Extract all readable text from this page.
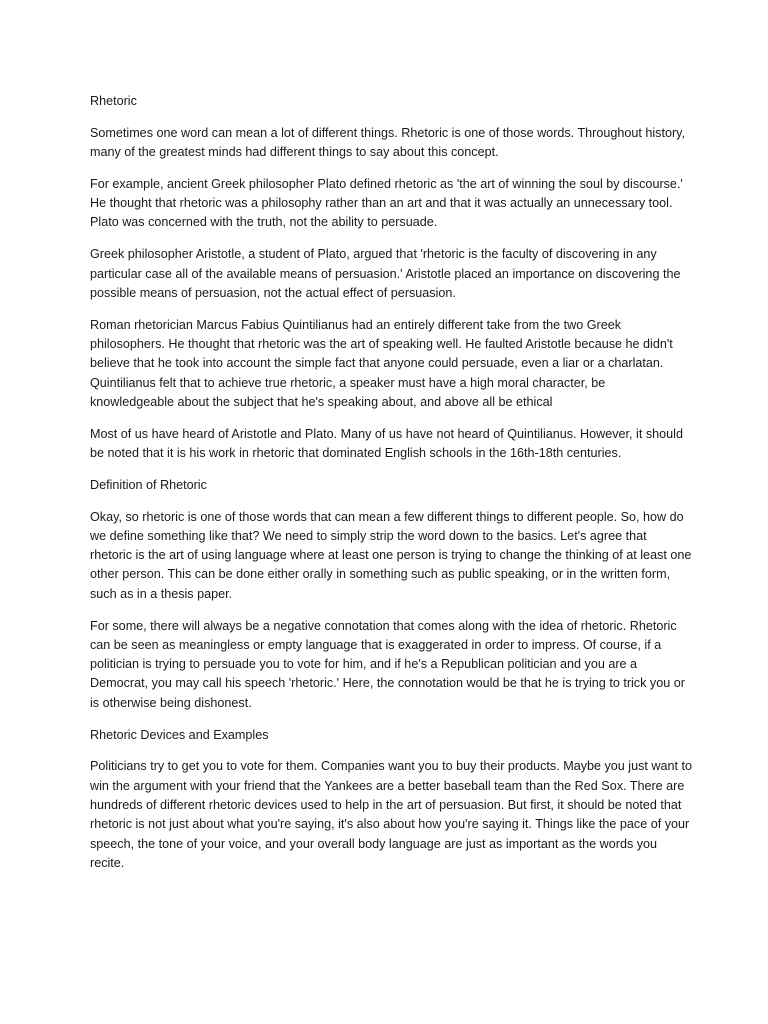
Rhetoric

Sometimes one word can mean a lot of different things. Rhetoric is one of those words. Throughout history, many of the greatest minds had different things to say about this concept.

For example, ancient Greek philosopher Plato defined rhetoric as 'the art of winning the soul by discourse.' He thought that rhetoric was a philosophy rather than an art and that it was actually an unnecessary tool. Plato was concerned with the truth, not the ability to persuade.

Greek philosopher Aristotle, a student of Plato, argued that 'rhetoric is the faculty of discovering in any particular case all of the available means of persuasion.' Aristotle placed an importance on discovering the possible means of persuasion, not the actual effect of persuasion.

Roman rhetorician Marcus Fabius Quintilianus had an entirely different take from the two Greek philosophers. He thought that rhetoric was the art of speaking well. He faulted Aristotle because he didn't believe that he took into account the simple fact that anyone could persuade, even a liar or a charlatan. Quintilianus felt that to achieve true rhetoric, a speaker must have a high moral character, be knowledgeable about the subject that he's speaking about, and above all be ethical

Most of us have heard of Aristotle and Plato. Many of us have not heard of Quintilianus. However, it should be noted that it is his work in rhetoric that dominated English schools in the 16th-18th centuries.

Definition of Rhetoric

Okay, so rhetoric is one of those words that can mean a few different things to different people. So, how do we define something like that? We need to simply strip the word down to the basics. Let's agree that rhetoric is the art of using language where at least one person is trying to change the thinking of at least one other person. This can be done either orally in something such as public speaking, or in the written form, such as in a thesis paper.

For some, there will always be a negative connotation that comes along with the idea of rhetoric. Rhetoric can be seen as meaningless or empty language that is exaggerated in order to impress. Of course, if a politician is trying to persuade you to vote for him, and if he's a Republican politician and you are a Democrat, you may call his speech 'rhetoric.' Here, the connotation would be that he is trying to trick you or is otherwise being dishonest.

Rhetoric Devices and Examples

Politicians try to get you to vote for them. Companies want you to buy their products. Maybe you just want to win the argument with your friend that the Yankees are a better baseball team than the Red Sox. There are hundreds of different rhetoric devices used to help in the art of persuasion. But first, it should be noted that rhetoric is not just about what you're saying, it's also about how you're saying it. Things like the pace of your speech, the tone of your voice, and your overall body language are just as important as the words you recite.
